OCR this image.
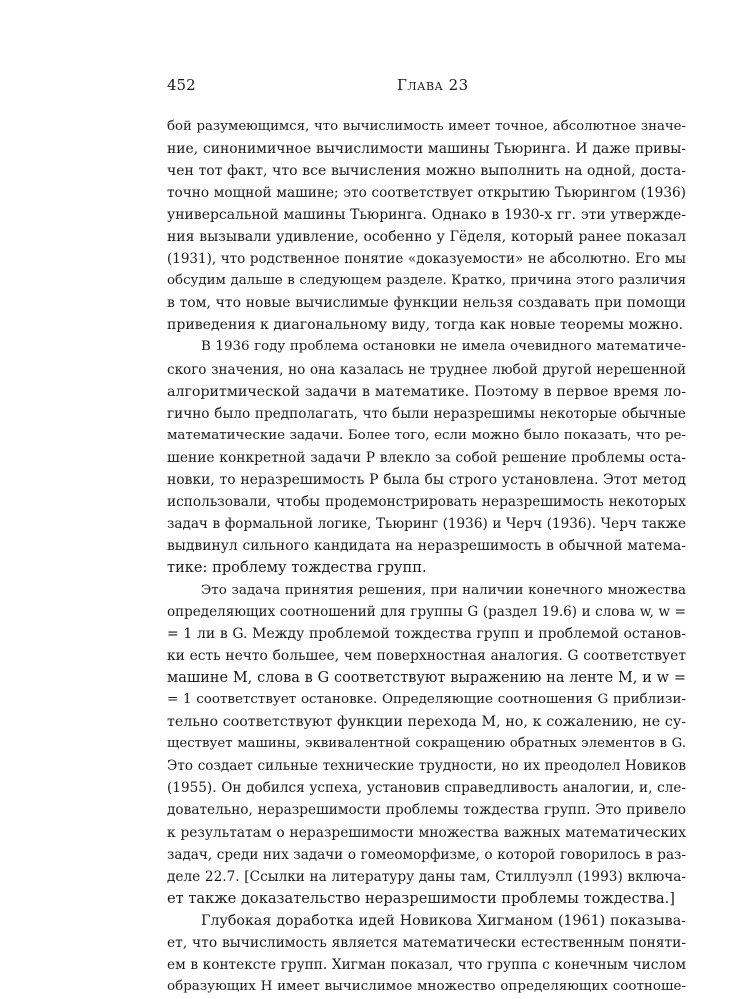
452	Глава 23

бой разумеющимся, что вычислимость имеет точное, абсолютное значе-
ние, синонимичное вычислимости машины Тьюринга. И даже привы-
чен тот факт, что все вычисления можно выполнить на одной, доста-
точно мощной машине; это соответствует открытию Тьюрингом (1936)
универсальной машины Тьюринга. Однако в 1930-х гг. эти утвержде-
ния вызывали удивление, особенно у Гёделя, который ранее показал
(1931), что родственное понятие «доказуемости» не абсолютно. Его мы
обсудим дальше в следующем разделе. Кратко, причина этого различия
в том, что новые вычислимые функции нельзя создавать при помощи
приведения к диагональному виду, тогда как новые теоремы можно.

В 1936 году проблема остановки не имела очевидного математиче-
ского значения, но она казалась не труднее любой другой нерешенной
алгоритмической задачи в математике. Поэтому в первое время ло-
гично было предполагать, что были неразрешимы некоторые обычные
математические задачи. Более того, если можно было показать, что ре-
шение конкретной задачи P влекло за собой решение проблемы оста-
новки, то неразрешимость P была бы строго установлена. Этот метод
использовали, чтобы продемонстрировать неразрешимость некоторых
задач в формальной логике, Тьюринг (1936) и Черч (1936). Черч также
выдвинул сильного кандидата на неразрешимость в обычной матема-
тике: проблему тождества групп.

Это задача принятия решения, при наличии конечного множества
определяющих соотношений для группы G (раздел 19.6) и слова w, w =
= 1 ли в G. Между проблемой тождества групп и проблемой останов-
ки есть нечто большее, чем поверхностная аналогия. G соответствует
машине M, слова в G соответствуют выражению на ленте M, и w =
= 1 соответствует остановке. Определяющие соотношения G приблизи-
тельно соответствуют функции перехода M, но, к сожалению, не су-
ществует машины, эквивалентной сокращению обратных элементов в G.
Это создает сильные технические трудности, но их преодолел Новиков
(1955). Он добился успеха, установив справедливость аналогии, и, сле-
довательно, неразрешимости проблемы тождества групп. Это привело
к результатам о неразрешимости множества важных математических
задач, среди них задачи о гомеоморфизме, о которой говорилось в раз-
деле 22.7. [Ссылки на литературу даны там, Стиллуэлл (1993) включа-
ет также доказательство неразрешимости проблемы тождества.]

Глубокая доработка идей Новикова Хигманом (1961) показыва-
ет, что вычислимость является математически естественным поняти-
ем в контексте групп. Хигман показал, что группа с конечным числом
образующих H имеет вычислимое множество определяющих соотноше-
